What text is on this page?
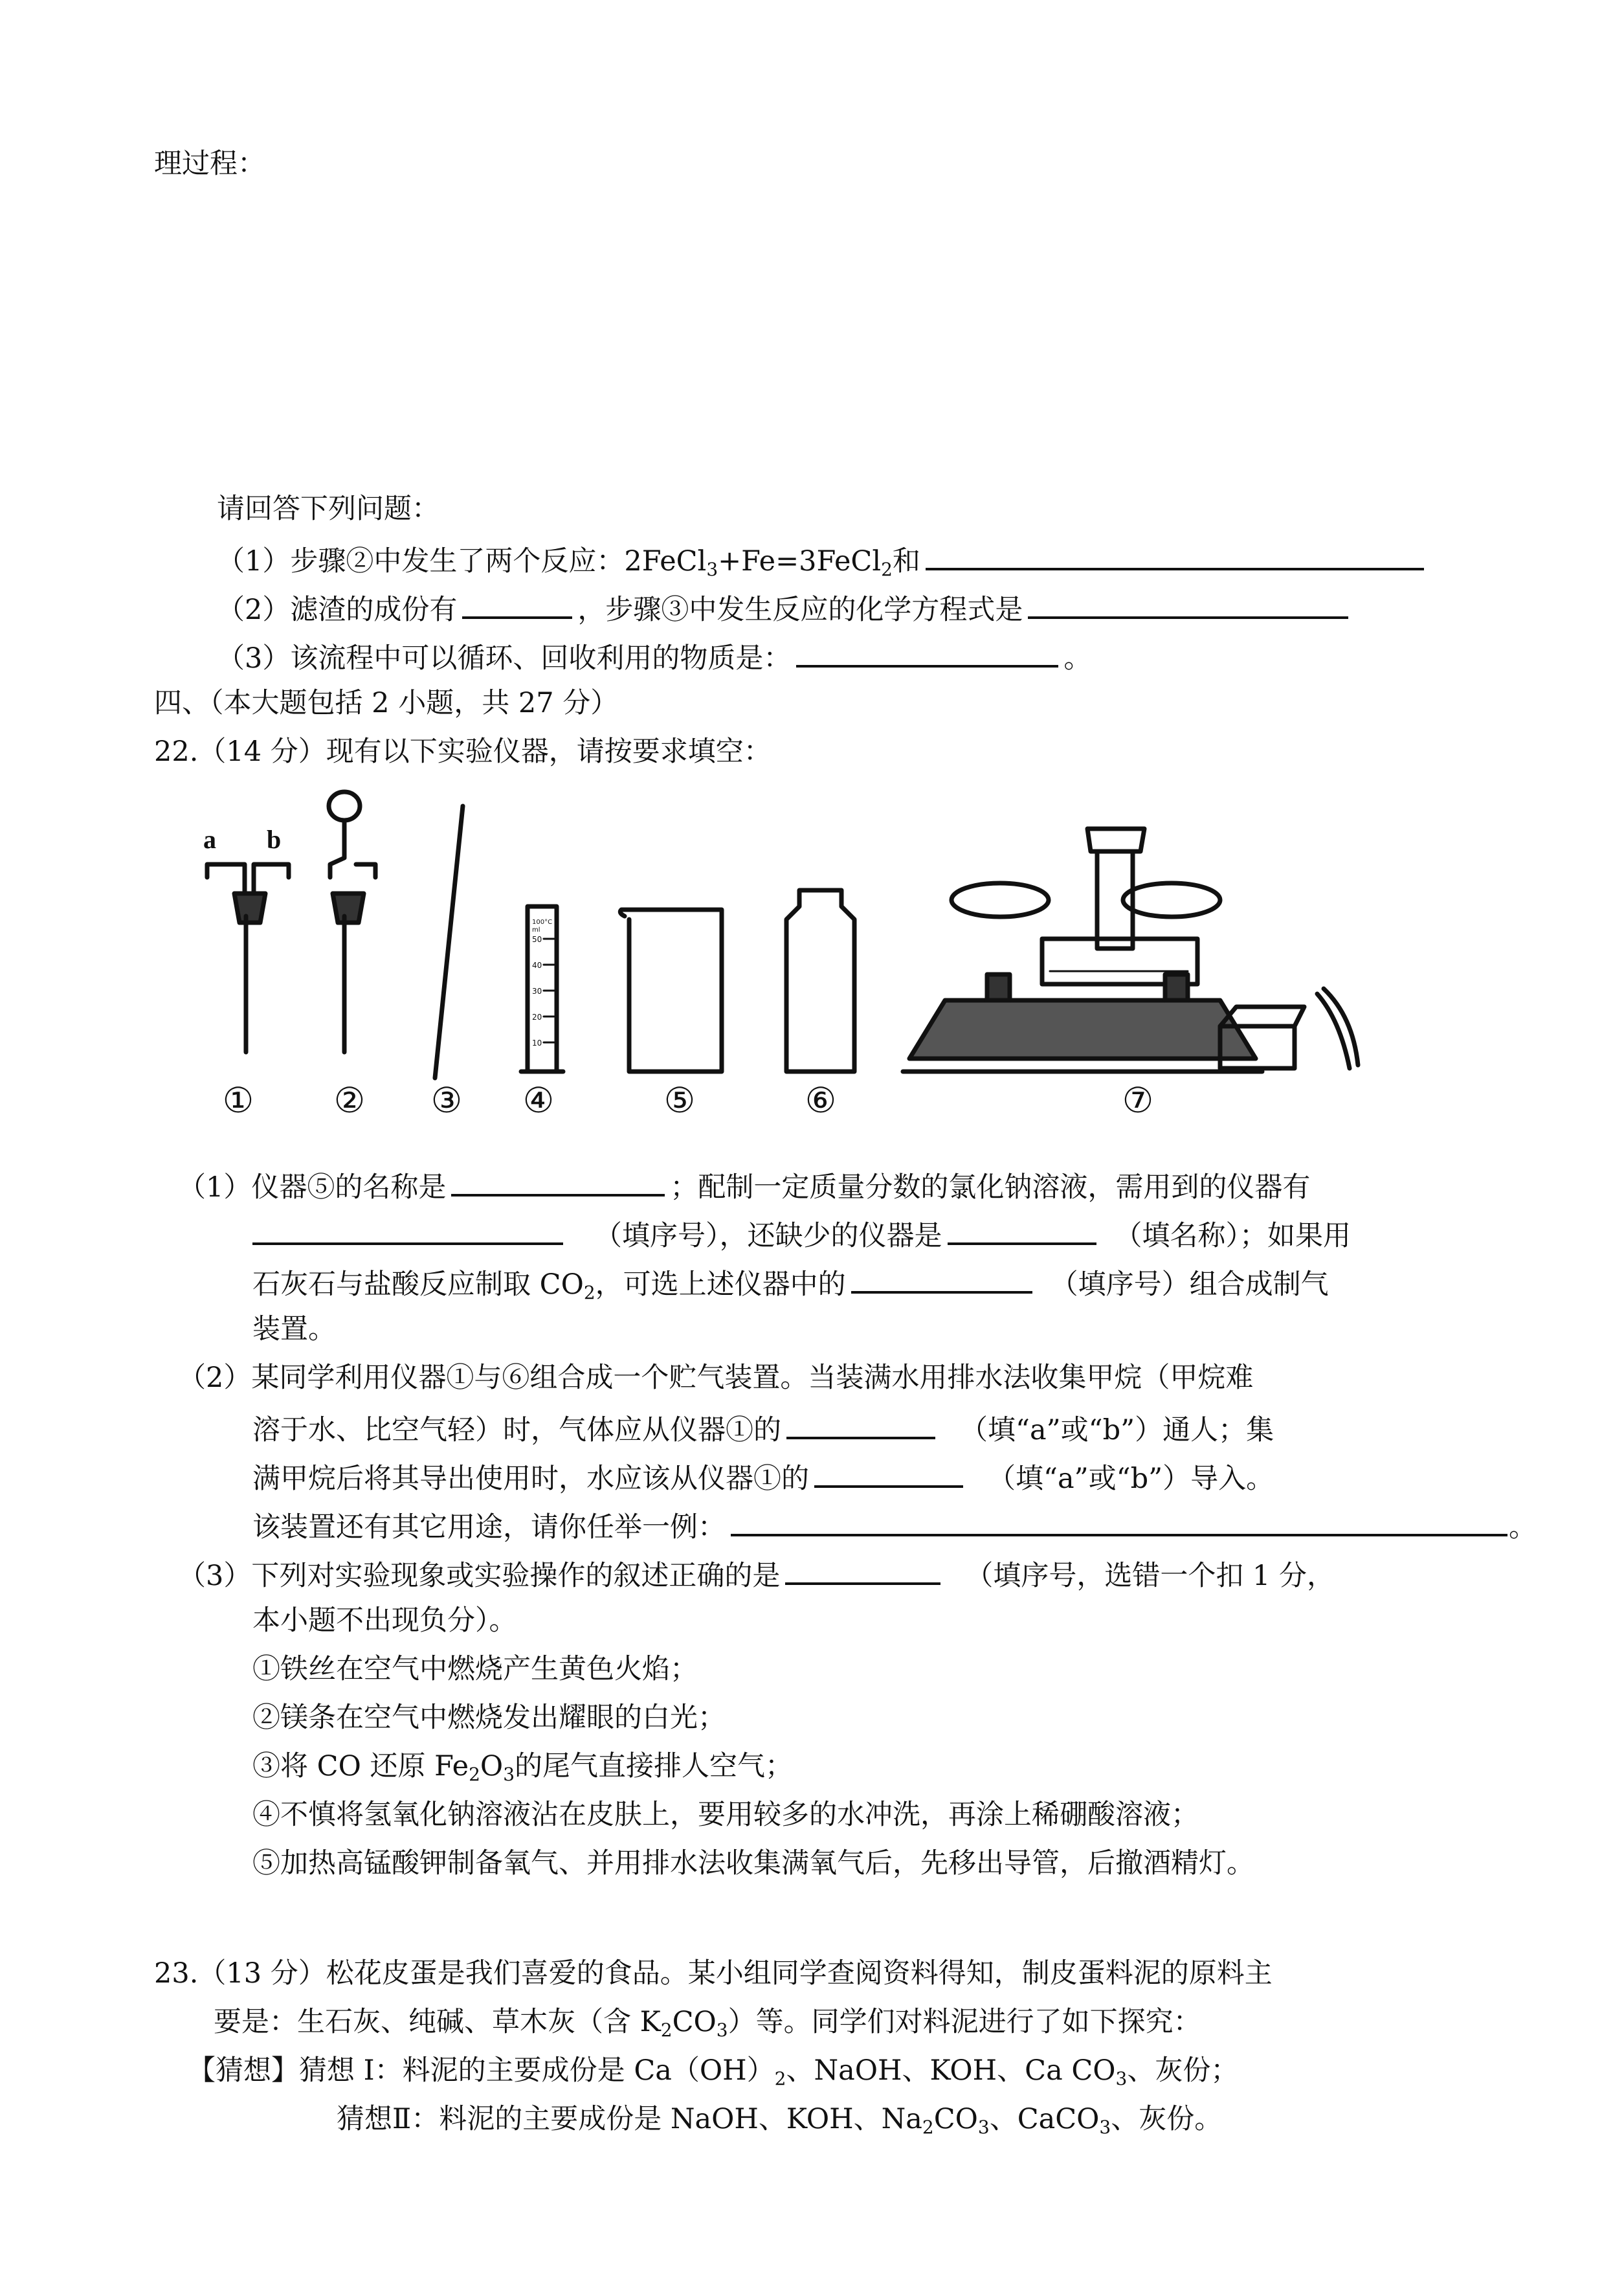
理过程：
请回答下列问题：
（1）步骤②中发生了两个反应：2FeCl$_3$+Fe=3FeCl$_2$和
（2）滤渣的成份有	，步骤③中发生反应的化学方程式是
（3）该流程中可以循环、回收利用的物质是：	。
四、（本大题包括 2 小题，共 27 分）
22.（14 分）现有以下实验仪器，请按要求填空：
a b
100°C
ml
50
40
30
20
10
① ② ③ ④	⑤	⑥	⑦
（1）仪器⑤的名称是	；配制一定质量分数的氯化钠溶液，需用到的仪器有
（填序号），还缺少的仪器是	（填名称）；如果用
石灰石与盐酸反应制取 $CO_2$，可选上述仪器中的	（填序号）组合成制气
装置。
（2）某同学利用仪器①与⑥组合成一个贮气装置。当装满水用排水法收集甲烷（甲烷难
溶于水、比空气轻）时，气体应从仪器①的	（填“a”或“b”）通人；集
满甲烷后将其导出使用时，水应该从仪器①的	（填“a”或“b”）导入。
该装置还有其它用途，请你任举一例：	。
（3）下列对实验现象或实验操作的叙述正确的是	（填序号，选错一个扣 1 分，
本小题不出现负分）。
①铁丝在空气中燃烧产生黄色火焰；
②镁条在空气中燃烧发出耀眼的白光；
③将 CO 还原 $Fe_2O_3$的尾气直接排人空气；
④不慎将氢氧化钠溶液沾在皮肤上，要用较多的水冲洗，再涂上稀硼酸溶液；
⑤加热高锰酸钾制备氧气、并用排水法收集满氧气后，先移出导管，后撤酒精灯。
23.（13 分）松花皮蛋是我们喜爱的食品。某小组同学查阅资料得知，制皮蛋料泥的原料主
要是：生石灰、纯碱、草木灰（含 $K_2CO_3$）等。同学们对料泥进行了如下探究：
【猜想】猜想 I：料泥的主要成份是 $Ca(OH)_2$、NaOH、KOH、Ca $CO_3$、灰份；
猜想Ⅱ：料泥的主要成份是 NaOH、KOH、$Na_2CO_3$、CaCO$_3$、灰份。
